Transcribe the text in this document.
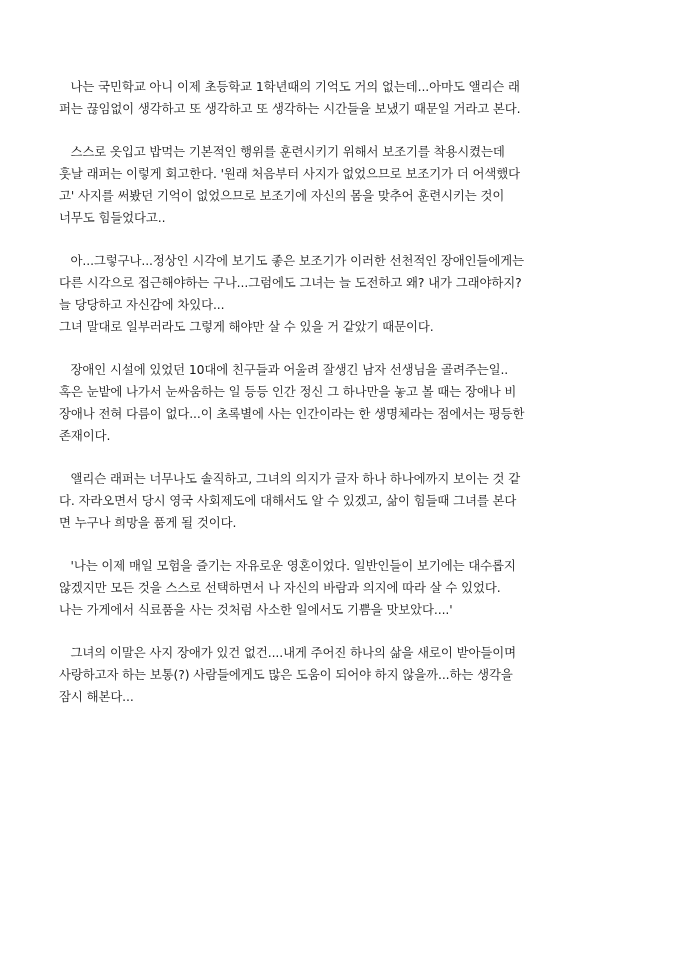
나는 국민학교 아니 이제 초등학교 1학년때의 기억도 거의 없는데...아마도 앨리슨 래
퍼는 끊임없이 생각하고 또 생각하고 또 생각하는 시간들을 보냈기 때문일 거라고 본다.

스스로 옷입고 밥먹는 기본적인 행위를 훈련시키기 위해서 보조기를 착용시켰는데
훗날 래퍼는 이렇게 회고한다. '원래 처음부터 사지가 없었으므로 보조기가 더 어색했다
고' 사지를 써봤던 기억이 없었으므로 보조기에 자신의 몸을 맞추어 훈련시키는 것이
너무도 힘들었다고..

아...그렇구나...정상인 시각에 보기도 좋은 보조기가 이러한 선천적인 장애인들에게는
다른 시각으로 접근해야하는 구나...그럼에도 그녀는 늘 도전하고 왜? 내가 그래야하지?
늘 당당하고 자신감에 차있다...
그녀 말대로 일부러라도 그렇게 해야만 살 수 있을 거 같았기 때문이다.

장애인 시설에 있었던 10대에 친구들과 어울려 잘생긴 남자 선생님을 골려주는일..
혹은 눈밭에 나가서 눈싸움하는 일 등등 인간 정신 그 하나만을 놓고 볼 때는 장애나 비
장애나 전혀 다름이 없다...이 초록별에 사는 인간이라는 한 생명체라는 점에서는 평등한
존재이다.

앨리슨 래퍼는 너무나도 솔직하고, 그녀의 의지가 글자 하나 하나에까지 보이는 것 같
다. 자라오면서 당시 영국 사회제도에 대해서도 알 수 있겠고, 삶이 힘들때 그녀를 본다
면 누구나 희망을 품게 될 것이다.

'나는 이제 매일 모험을 즐기는 자유로운 영혼이었다. 일반인들이 보기에는 대수롭지
않겠지만 모든 것을 스스로 선택하면서 나 자신의 바람과 의지에 따라 살 수 있었다.
나는 가게에서 식료품을 사는 것처럼 사소한 일에서도 기쁨을 맛보았다....'

그녀의 이말은 사지 장애가 있건 없건....내게 주어진 하나의 삶을 새로이 받아들이며
사랑하고자 하는 보통(?) 사람들에게도 많은 도움이 되어야 하지 않을까...하는 생각을
잠시 해본다...
